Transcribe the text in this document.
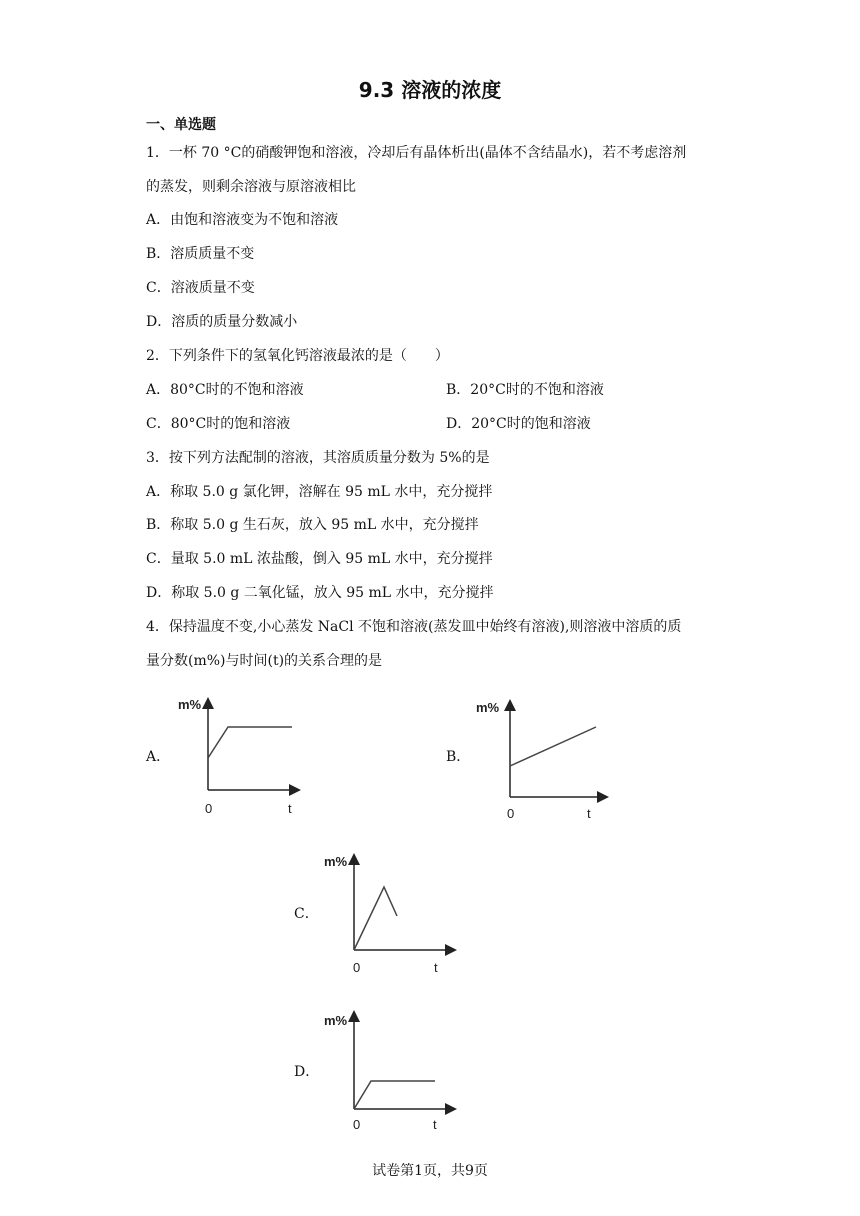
9.3 溶液的浓度
一、单选题
1．一杯 70 °C的硝酸钾饱和溶液，冷却后有晶体析出(晶体不含结晶水)，若不考虑溶剂
的蒸发，则剩余溶液与原溶液相比
A．由饱和溶液变为不饱和溶液
B．溶质质量不变
C．溶液质量不变
D．溶质的质量分数减小
2．下列条件下的氢氧化钙溶液最浓的是（　　）
A．80°C时的不饱和溶液	B．20°C时的不饱和溶液
C．80°C时的饱和溶液	D．20°C时的饱和溶液
3．按下列方法配制的溶液，其溶质质量分数为 5%的是
A．称取 5.0 g 氯化钾，溶解在 95 mL 水中，充分搅拌
B．称取 5.0 g 生石灰，放入 95 mL 水中，充分搅拌
C．量取 5.0 mL 浓盐酸，倒入 95 mL 水中，充分搅拌
D．称取 5.0 g 二氧化锰，放入 95 mL 水中，充分搅拌
4．保持温度不变,小心蒸发 NaCl 不饱和溶液(蒸发皿中始终有溶液),则溶液中溶质的质
量分数(m%)与时间(t)的关系合理的是
A．
m%
0	t
B．
m%
0	t
C．
m%
0	t
D．
m%
0	t
试卷第1页，共9页
